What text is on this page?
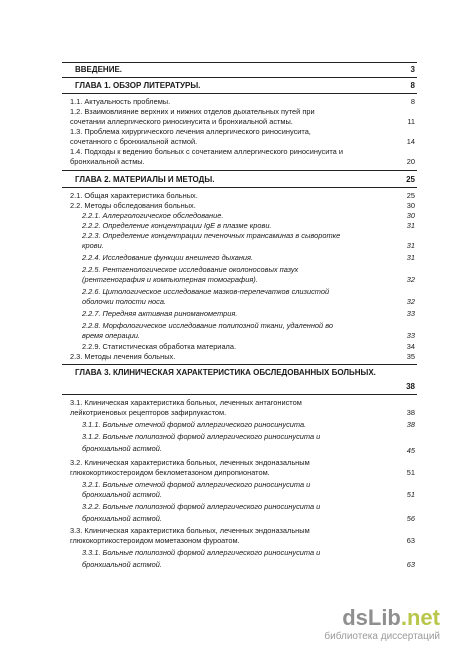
ВВЕДЕНИЕ.	3
ГЛАВА 1. ОБЗОР ЛИТЕРАТУРЫ.	8
1.1. Актуальность проблемы.	8
1.2. Взаимовлияние верхних и нижних отделов дыхательных путей при
сочетании аллергического риносинусита и бронхиальной астмы.	11
1.3. Проблема хирургического лечения аллергического риносинусита,
сочетанного с бронхиальной астмой.	14
1.4. Подходы к ведению больных с сочетанием аллергического риносинусита и
бронхиальной астмы.	20
ГЛАВА 2. МАТЕРИАЛЫ И МЕТОДЫ.	25
2.1. Общая характеристика больных.	25
2.2. Методы обследования больных.	30
2.2.1. Аллергологическое обследование.	30
2.2.2. Определение концентрации IgE в плазме крови.	31
2.2.3. Определение концентрации печеночных трансаминаз в сыворотке
крови.	31
2.2.4. Исследование функции внешнего дыхания.	31
2.2.5. Рентгенологическое исследование околоносовых пазух
(рентгенография и компьютерная томография).	32
2.2.6. Цитологическое исследование мазков-перепечатков слизистой
оболочки полости носа.	32
2.2.7. Передняя активная риноманометрия.	33
2.2.8. Морфологическое исследование полипозной ткани, удаленной во
время операции.	33
2.2.9. Статистическая обработка материала.	34
2.3. Методы лечения больных.	35
ГЛАВА 3. КЛИНИЧЕСКАЯ ХАРАКТЕРИСТИКА ОБСЛЕДОВАННЫХ БОЛЬНЫХ.
38
3.1. Клиническая характеристика больных, леченных антагонистом
лейкотриеновых рецепторов зафирлукастом.	38
3.1.1. Больные отечной формой аллергического риносинусита.	38
3.1.2. Больные полипозной формой аллергического риносинусита и
бронхиальной астмой.	45
3.2. Клиническая характеристика больных, леченных эндоназальным
глюкокортикостероидом беклометазоном дипропионатом.	51
3.2.1. Больные отечной формой аллергического риносинусита и
бронхиальной астмой.	51
3.2.2. Больные полипозной формой аллергического риносинусита и
бронхиальной астмой.	56
3.3. Клиническая характеристика больных, леченных эндоназальным
глюкокортикостероидом мометазоном фуроатом.	63
3.3.1. Больные полипозной формой аллергического риносинусита и
бронхиальной астмой.	63
dsLib.net
библиотека диссертаций
